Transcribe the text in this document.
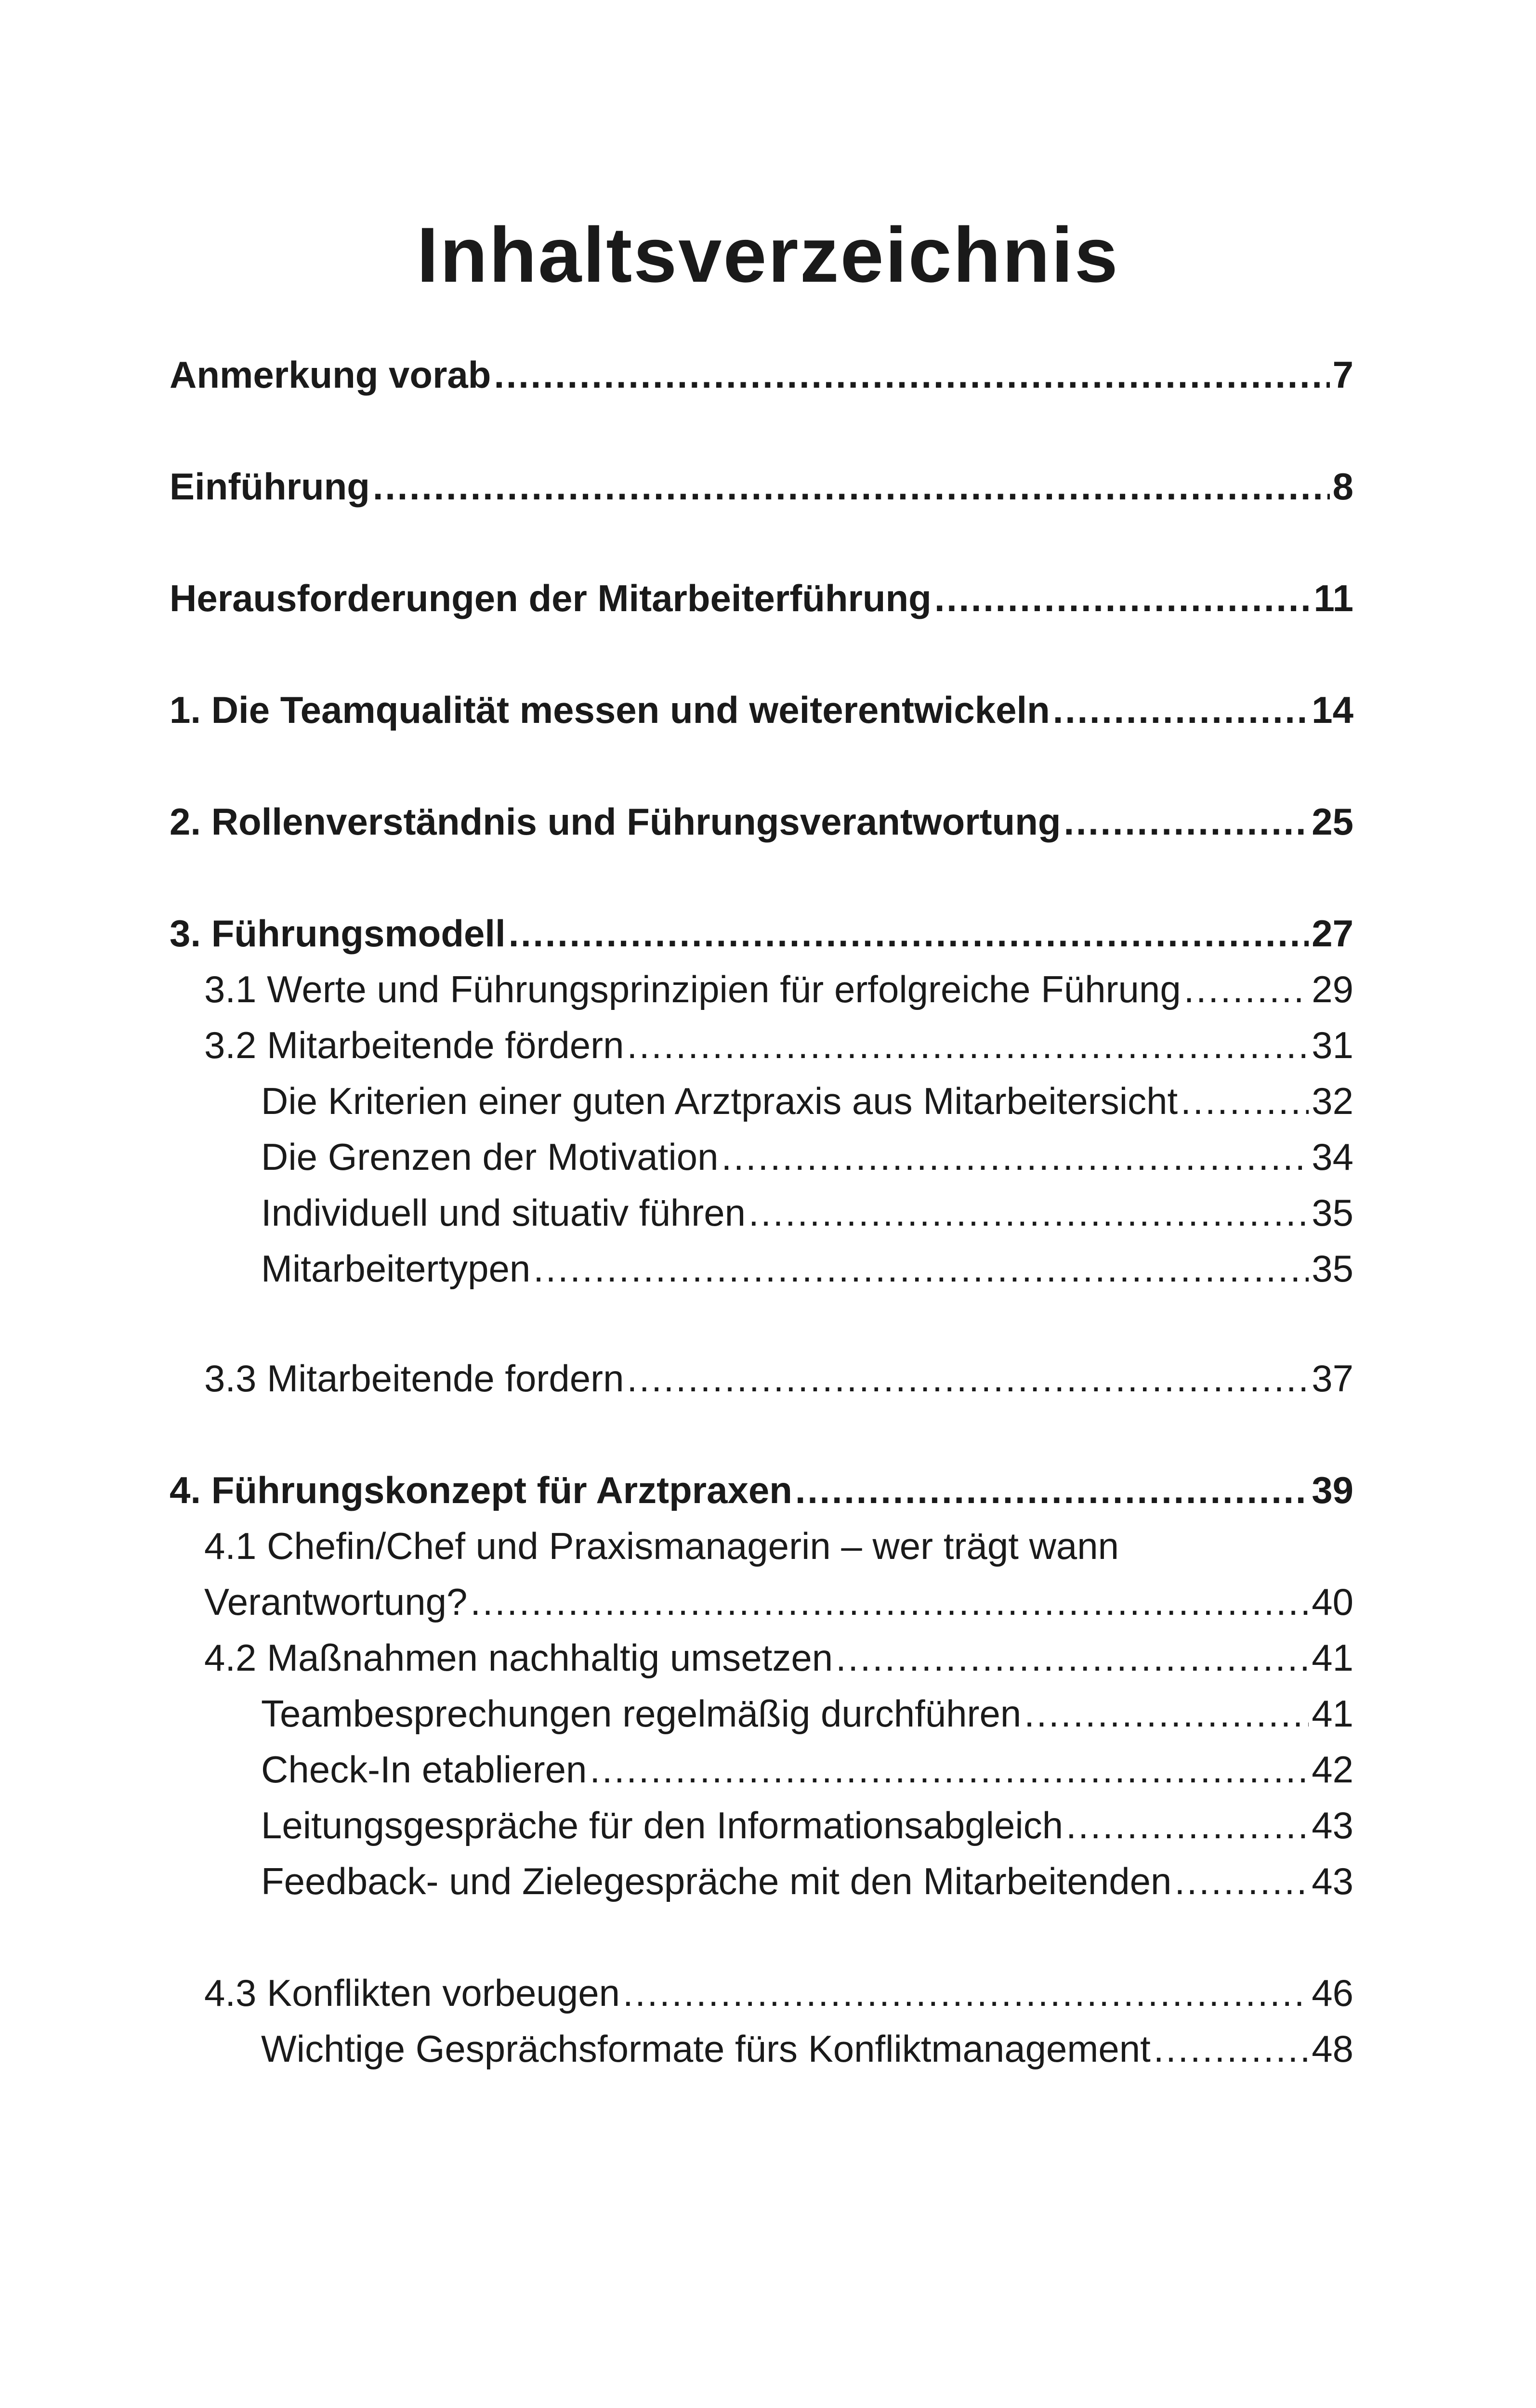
Inhaltsverzeichnis
Anmerkung vorab . . .	7
Einführung . . .	8
Herausforderungen der Mitarbeiterführung . . .	11
1. Die Teamqualität messen und weiterentwickeln . . .	14
2. Rollenverständnis und Führungsverantwortung . . .	25
3. Führungsmodell . . .	27
3.1 Werte und Führungsprinzipien für erfolgreiche Führung . . .	29
3.2 Mitarbeitende fördern . . .	31
Die Kriterien einer guten Arztpraxis aus Mitarbeitersicht . . .	32
Die Grenzen der Motivation . . .	34
Individuell und situativ führen . . .	35
Mitarbeitertypen . . .	35
3.3 Mitarbeitende fordern . . .	37
4. Führungskonzept für Arztpraxen . . .	39
4.1 Chefin/Chef und Praxismanagerin – wer trägt wann
Verantwortung? . . .	40
4.2 Maßnahmen nachhaltig umsetzen . . .	41
Teambesprechungen regelmäßig durchführen . . .	41
Check-In etablieren . . .	42
Leitungsgespräche für den Informationsabgleich . . .	43
Feedback- und Zielegespräche mit den Mitarbeitenden . . .	43
4.3 Konflikten vorbeugen . . .	46
Wichtige Gesprächsformate fürs Konfliktmanagement . . .	48
